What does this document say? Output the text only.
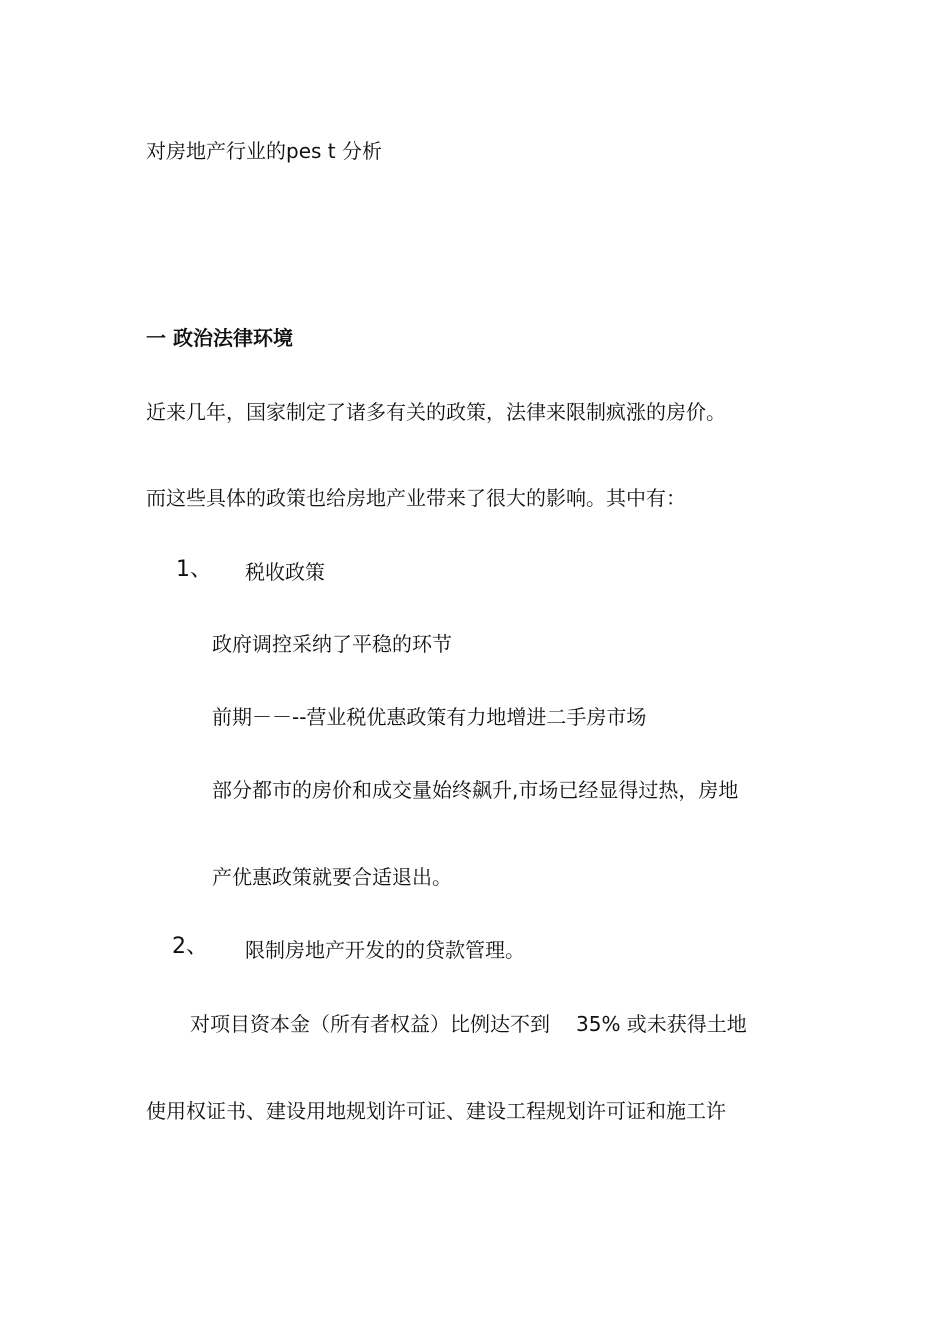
对房地产行业的pes t 分析
一 政治法律环境
近来几年，国家制定了诸多有关的政策，法律来限制疯涨的房价。
而这些具体的政策也给房地产业带来了很大的影响。其中有：
1、 税收政策
政府调控采纳了平稳的环节
前期－－--营业税优惠政策有力地增进二手房市场
部分都市的房价和成交量始终飙升,市场已经显得过热，房地
产优惠政策就要合适退出。
2、 限制房地产开发的的贷款管理。
对项目资本金（所有者权益）比例达不到 35% 或未获得土地
使用权证书、建设用地规划许可证、建设工程规划许可证和施工许
